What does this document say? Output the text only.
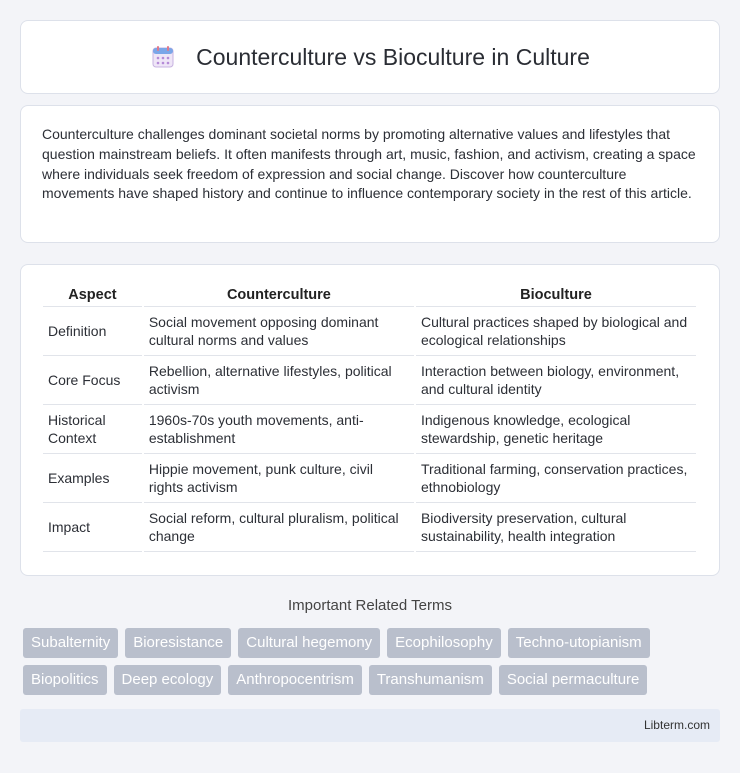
Counterculture vs Bioculture in Culture

Counterculture challenges dominant societal norms by promoting alternative values and lifestyles that question mainstream beliefs. It often manifests through art, music, fashion, and activism, creating a space where individuals seek freedom of expression and social change. Discover how counterculture movements have shaped history and continue to influence contemporary society in the rest of this article.

Aspect	Counterculture	Bioculture
Definition	Social movement opposing dominant cultural norms and values	Cultural practices shaped by biological and ecological relationships
Core Focus	Rebellion, alternative lifestyles, political activism	Interaction between biology, environment, and cultural identity
Historical Context	1960s-70s youth movements, anti-establishment	Indigenous knowledge, ecological stewardship, genetic heritage
Examples	Hippie movement, punk culture, civil rights activism	Traditional farming, conservation practices, ethnobiology
Impact	Social reform, cultural pluralism, political change	Biodiversity preservation, cultural sustainability, health integration
Important Related Terms
Subalternity	Bioresistance	Cultural hegemony	Ecophilosophy	Techno-utopianism
Biopolitics	Deep ecology	Anthropocentrism	Transhumanism	Social permaculture
Libterm.com
